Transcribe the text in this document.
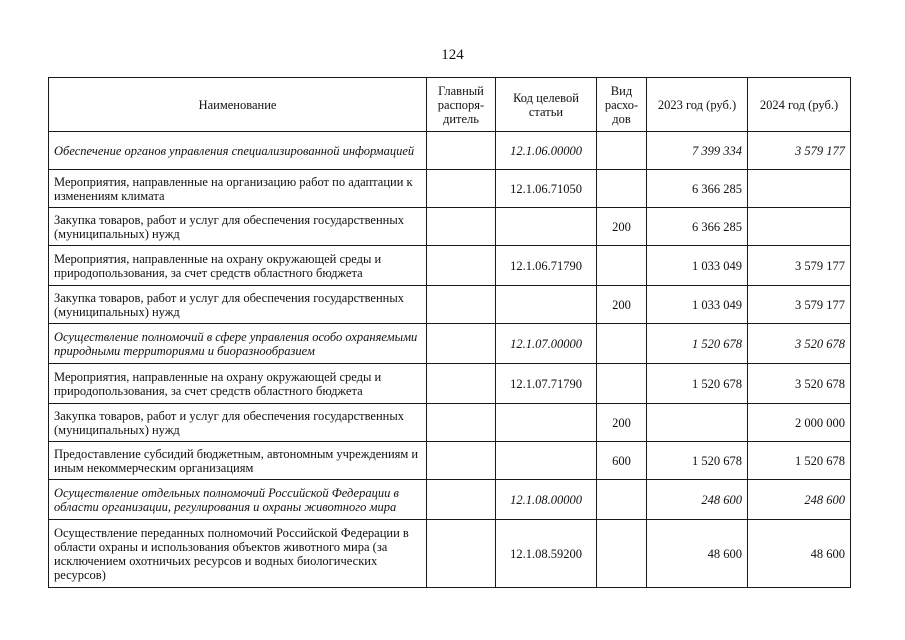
124
Наименование	Главный распоря-дитель	Код целевой статьи	Вид расхо-дов	2023 год (руб.)	2024 год (руб.)
Обеспечение органов управления специализированной информацией		12.1.06.00000		7 399 334	3 579 177
Мероприятия, направленные на организацию работ по адаптации к изменениям климата		12.1.06.71050		6 366 285	
Закупка товаров, работ и услуг для обеспечения государственных (муниципальных) нужд			200	6 366 285	
Мероприятия, направленные на охрану окружающей среды и природопользования, за счет средств областного бюджета		12.1.06.71790		1 033 049	3 579 177
Закупка товаров, работ и услуг для обеспечения государственных (муниципальных) нужд			200	1 033 049	3 579 177
Осуществление полномочий в сфере управления особо охраняемыми природными территориями и биоразнообразием		12.1.07.00000		1 520 678	3 520 678
Мероприятия, направленные на охрану окружающей среды и природопользования, за счет средств областного бюджета		12.1.07.71790		1 520 678	3 520 678
Закупка товаров, работ и услуг для обеспечения государственных (муниципальных) нужд			200		2 000 000
Предоставление субсидий бюджетным, автономным учреждениям и иным некоммерческим организациям			600	1 520 678	1 520 678
Осуществление отдельных полномочий Российской Федерации в области организации, регулирования и охраны животного мира		12.1.08.00000		248 600	248 600
Осуществление переданных полномочий Российской Федерации в области охраны и использования объектов животного мира (за исключением охотничьих ресурсов и водных биологических ресурсов)		12.1.08.59200		48 600	48 600
